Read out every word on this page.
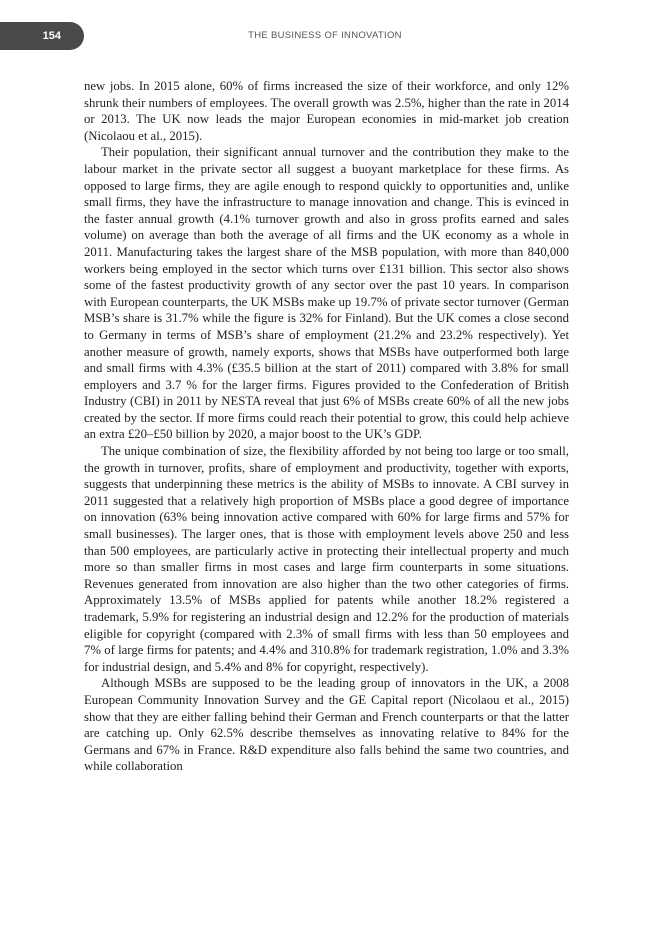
154	THE BUSINESS OF INNOVATION

new jobs. In 2015 alone, 60% of firms increased the size of their workforce, and only 12% shrunk their numbers of employees. The overall growth was 2.5%, higher than the rate in 2014 or 2013. The UK now leads the major European economies in mid-market job creation (Nicolaou et al., 2015).

Their population, their significant annual turnover and the contribution they make to the labour market in the private sector all suggest a buoyant marketplace for these firms. As opposed to large firms, they are agile enough to respond quickly to opportunities and, unlike small firms, they have the infrastructure to manage innovation and change. This is evinced in the faster annual growth (4.1% turnover growth and also in gross profits earned and sales volume) on average than both the average of all firms and the UK economy as a whole in 2011. Manufacturing takes the largest share of the MSB population, with more than 840,000 workers being employed in the sector which turns over £131 billion. This sector also shows some of the fastest productivity growth of any sector over the past 10 years. In comparison with European counterparts, the UK MSBs make up 19.7% of private sector turnover (German MSB’s share is 31.7% while the figure is 32% for Finland). But the UK comes a close second to Germany in terms of MSB’s share of employment (21.2% and 23.2% respectively). Yet another measure of growth, namely exports, shows that MSBs have outperformed both large and small firms with 4.3% (£35.5 billion at the start of 2011) compared with 3.8% for small employers and 3.7 % for the larger firms. Figures provided to the Confederation of British Industry (CBI) in 2011 by NESTA reveal that just 6% of MSBs create 60% of all the new jobs created by the sector. If more firms could reach their potential to grow, this could help achieve an extra £20–£50 billion by 2020, a major boost to the UK’s GDP.

The unique combination of size, the flexibility afforded by not being too large or too small, the growth in turnover, profits, share of employment and productivity, together with exports, suggests that underpinning these metrics is the ability of MSBs to innovate. A CBI survey in 2011 suggested that a relatively high proportion of MSBs place a good degree of importance on innovation (63% being innovation active compared with 60% for large firms and 57% for small businesses). The larger ones, that is those with employment levels above 250 and less than 500 employees, are particularly active in protecting their intellectual property and much more so than smaller firms in most cases and large firm counterparts in some situations. Revenues generated from innovation are also higher than the two other categories of firms. Approximately 13.5% of MSBs applied for patents while another 18.2% registered a trademark, 5.9% for registering an industrial design and 12.2% for the production of materials eligible for copyright (compared with 2.3% of small firms with less than 50 employees and 7% of large firms for patents; and 4.4% and 310.8% for trademark registration, 1.0% and 3.3% for industrial design, and 5.4% and 8% for copyright, respectively).

Although MSBs are supposed to be the leading group of innovators in the UK, a 2008 European Community Innovation Survey and the GE Capital report (Nicolaou et al., 2015) show that they are either falling behind their German and French counterparts or that the latter are catching up. Only 62.5% describe themselves as innovating relative to 84% for the Germans and 67% in France. R&D expenditure also falls behind the same two countries, and while collaboration
